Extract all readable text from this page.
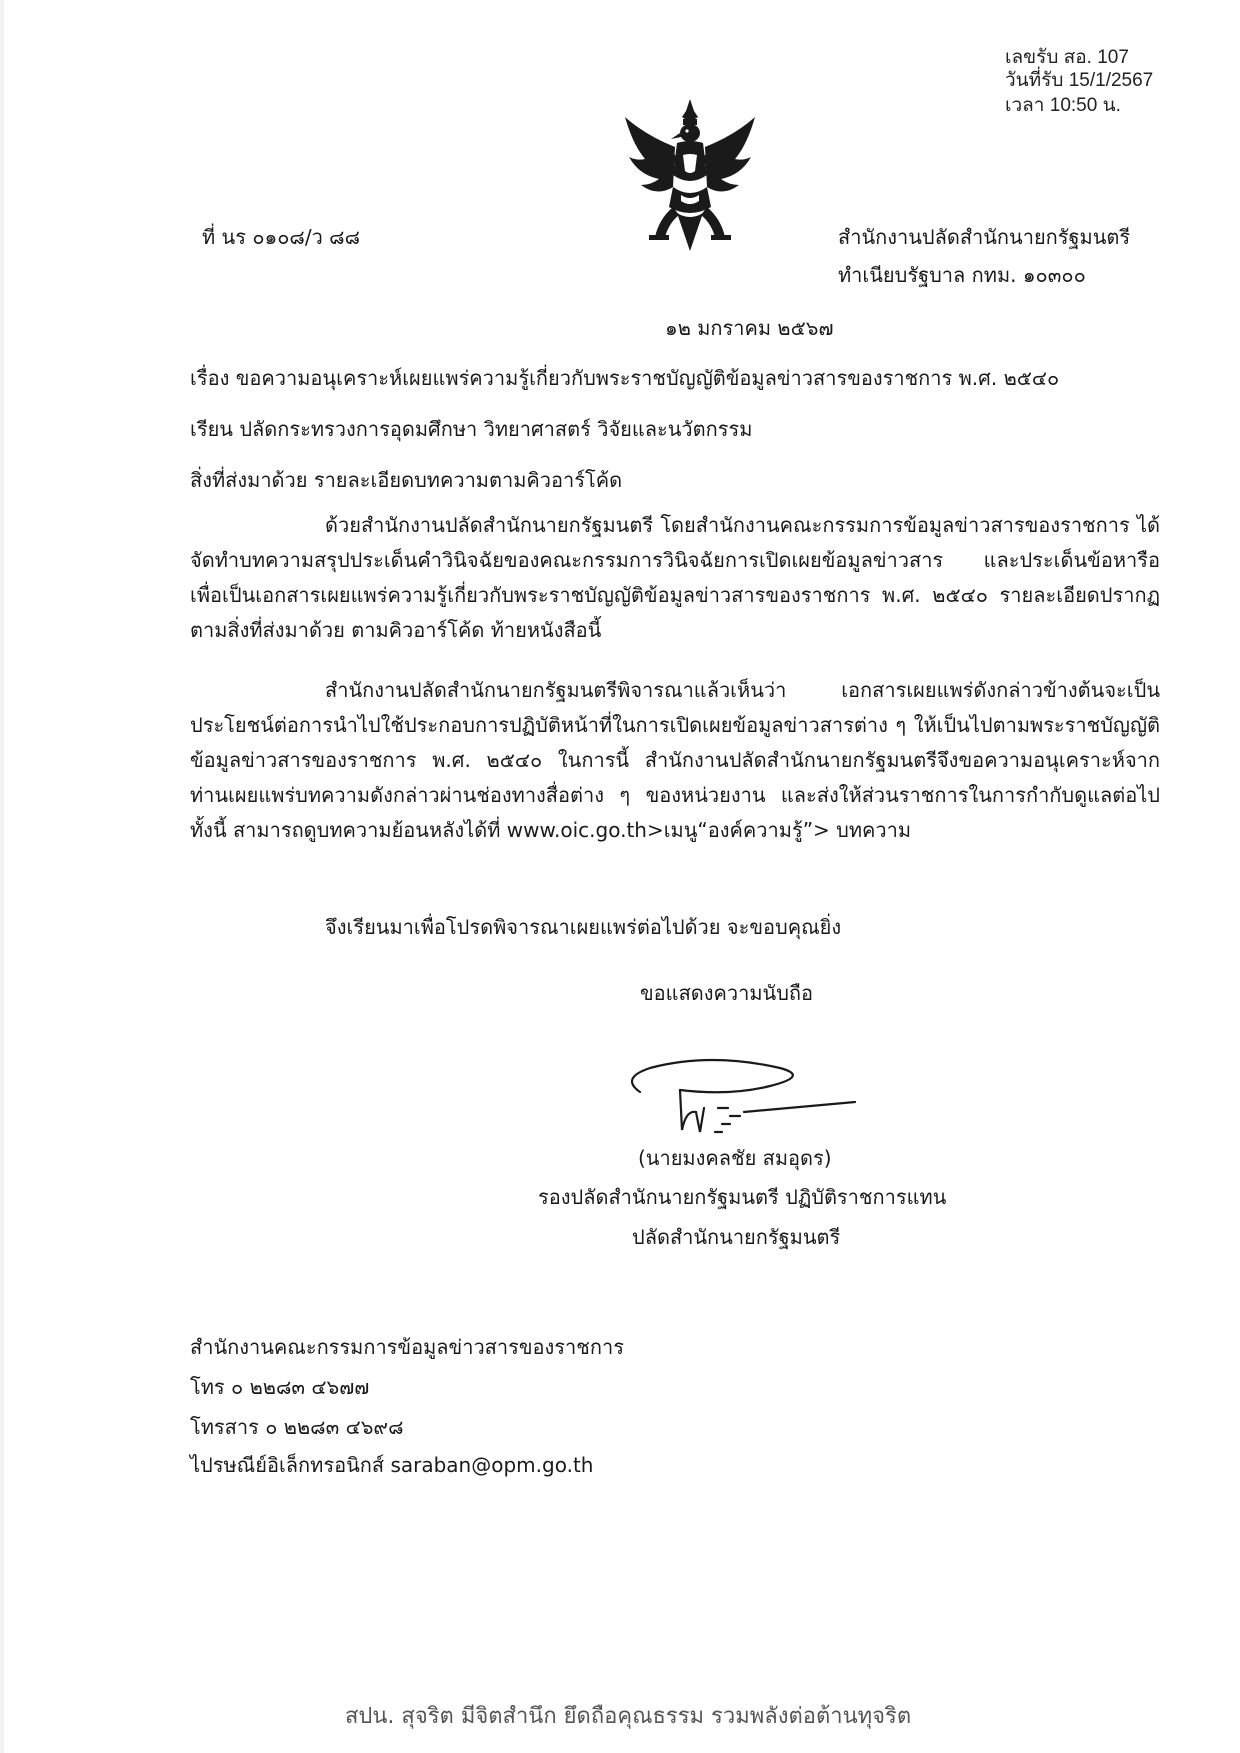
เลขรับ สอ. 107
วันที่รับ 15/1/2567
เวลา 10:50 น.
ที่ นร ๐๑๐๘/ว ๘๘	สำนักงานปลัดสำนักนายกรัฐมนตรี
ทำเนียบรัฐบาล กทม. ๑๐๓๐๐
๑๒ มกราคม ๒๕๖๗
เรื่อง ขอความอนุเคราะห์เผยแพร่ความรู้เกี่ยวกับพระราชบัญญัติข้อมูลข่าวสารของราชการ พ.ศ. ๒๕๔๐
เรียน ปลัดกระทรวงการอุดมศึกษา วิทยาศาสตร์ วิจัยและนวัตกรรม
สิ่งที่ส่งมาด้วย รายละเอียดบทความตามคิวอาร์โค้ด

ด้วยสำนักงานปลัดสำนักนายกรัฐมนตรี โดยสำนักงานคณะกรรมการข้อมูลข่าวสารของราชการ ได้จัดทำบทความสรุปประเด็นคำวินิจฉัยของคณะกรรมการวินิจฉัยการเปิดเผยข้อมูลข่าวสาร และประเด็นข้อหารือ เพื่อเป็นเอกสารเผยแพร่ความรู้เกี่ยวกับพระราชบัญญัติข้อมูลข่าวสารของราชการ พ.ศ. ๒๕๔๐ รายละเอียดปรากฏตามสิ่งที่ส่งมาด้วย ตามคิวอาร์โค้ด ท้ายหนังสือนี้

สำนักงานปลัดสำนักนายกรัฐมนตรีพิจารณาแล้วเห็นว่า เอกสารเผยแพร่ดังกล่าวข้างต้นจะเป็นประโยชน์ต่อการนำไปใช้ประกอบการปฏิบัติหน้าที่ในการเปิดเผยข้อมูลข่าวสารต่าง ๆ ให้เป็นไปตามพระราชบัญญัติข้อมูลข่าวสารของราชการ พ.ศ. ๒๕๔๐ ในการนี้ สำนักงานปลัดสำนักนายกรัฐมนตรีจึงขอความอนุเคราะห์จากท่านเผยแพร่บทความดังกล่าวผ่านช่องทางสื่อต่าง ๆ ของหน่วยงาน และส่งให้ส่วนราชการในการกำกับดูแลต่อไป ทั้งนี้ สามารถดูบทความย้อนหลังได้ที่ www.oic.go.th>เมนู“องค์ความรู้”> บทความ

จึงเรียนมาเพื่อโปรดพิจารณาเผยแพร่ต่อไปด้วย จะขอบคุณยิ่ง
ขอแสดงความนับถือ
(นายมงคลชัย สมอุดร)
รองปลัดสำนักนายกรัฐมนตรี ปฏิบัติราชการแทน
ปลัดสำนักนายกรัฐมนตรี
สำนักงานคณะกรรมการข้อมูลข่าวสารของราชการ
โทร ๐ ๒๒๘๓ ๔๖๗๗
โทรสาร ๐ ๒๒๘๓ ๔๖๙๘
ไปรษณีย์อิเล็กทรอนิกส์ saraban@opm.go.th
สปน. สุจริต มีจิตสำนึก ยึดถือคุณธรรม รวมพลังต่อต้านทุจริต
